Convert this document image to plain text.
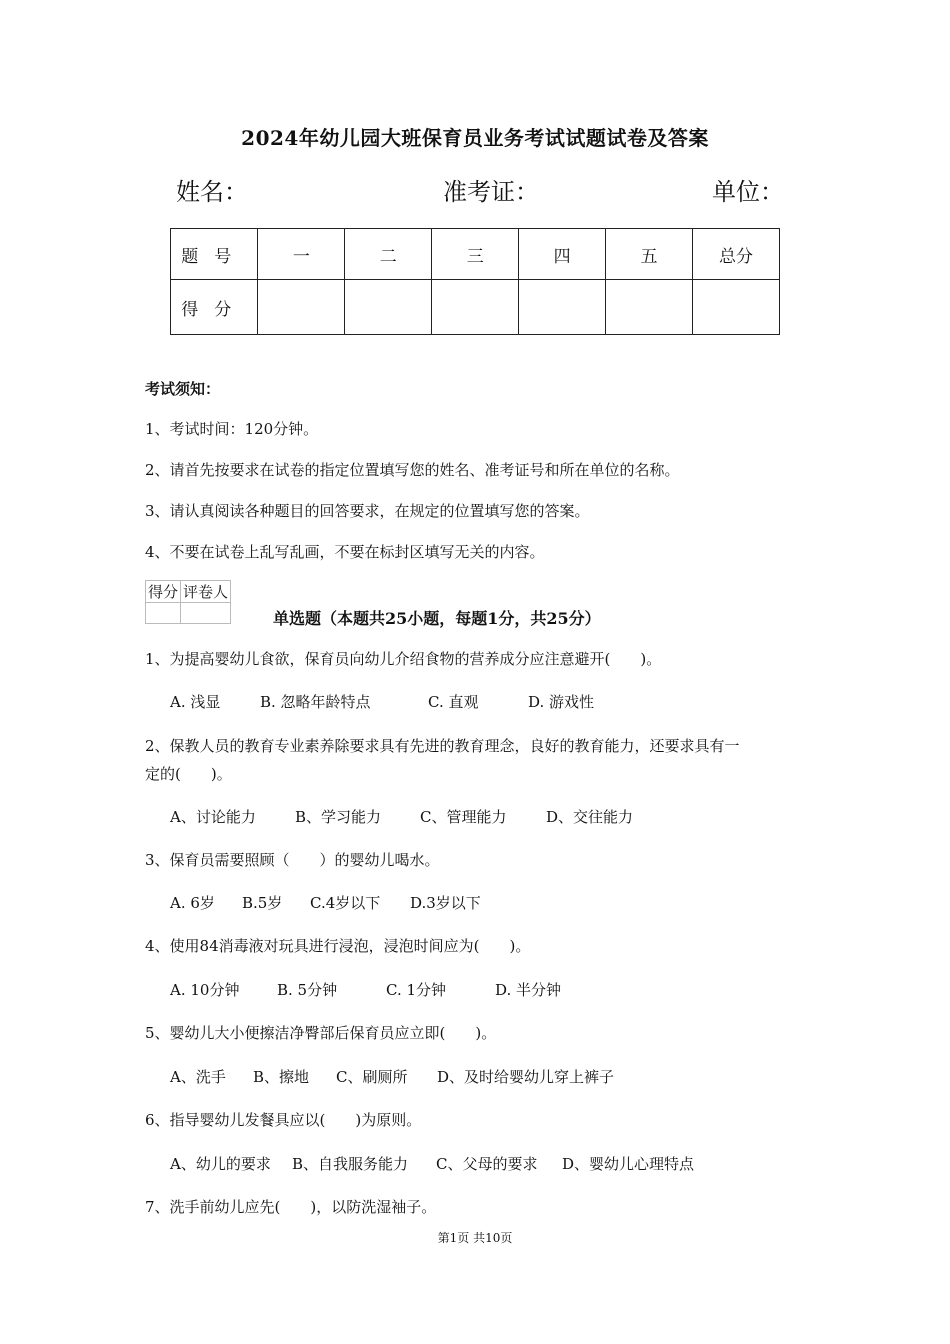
2024年幼儿园大班保育员业务考试试题试卷及答案
姓名：	准考证：	单位：
题号	一	二	三	四	五	总分
得分						
考试须知：
1、考试时间：120分钟。
2、请首先按要求在试卷的指定位置填写您的姓名、准考证号和所在单位的名称。
3、请认真阅读各种题目的回答要求，在规定的位置填写您的答案。
4、不要在试卷上乱写乱画，不要在标封区填写无关的内容。
得分	评卷人

单选题（本题共25小题，每题1分，共25分）
1、为提高婴幼儿食欲，保育员向幼儿介绍食物的营养成分应注意避开(　　)。
A. 浅显	B. 忽略年龄特点	C. 直观	D. 游戏性
2、保教人员的教育专业素养除要求具有先进的教育理念，良好的教育能力，还要求具有一
定的(　　)。
A、讨论能力	B、学习能力	C、管理能力	D、交往能力
3、保育员需要照顾（　　）的婴幼儿喝水。
A. 6岁 B.5岁 C.4岁以下 D.3岁以下
4、使用84消毒液对玩具进行浸泡，浸泡时间应为(　　)。
A. 10分钟	B. 5分钟	C. 1分钟	D. 半分钟
5、婴幼儿大小便擦洁净臀部后保育员应立即(　　)。
A、洗手 B、擦地 C、刷厕所 D、及时给婴幼儿穿上裤子
6、指导婴幼儿发餐具应以(　　)为原则。
A、幼儿的要求 B、自我服务能力 C、父母的要求 D、婴幼儿心理特点
7、洗手前幼儿应先(　　)，以防洗湿袖子。
第1页 共10页
